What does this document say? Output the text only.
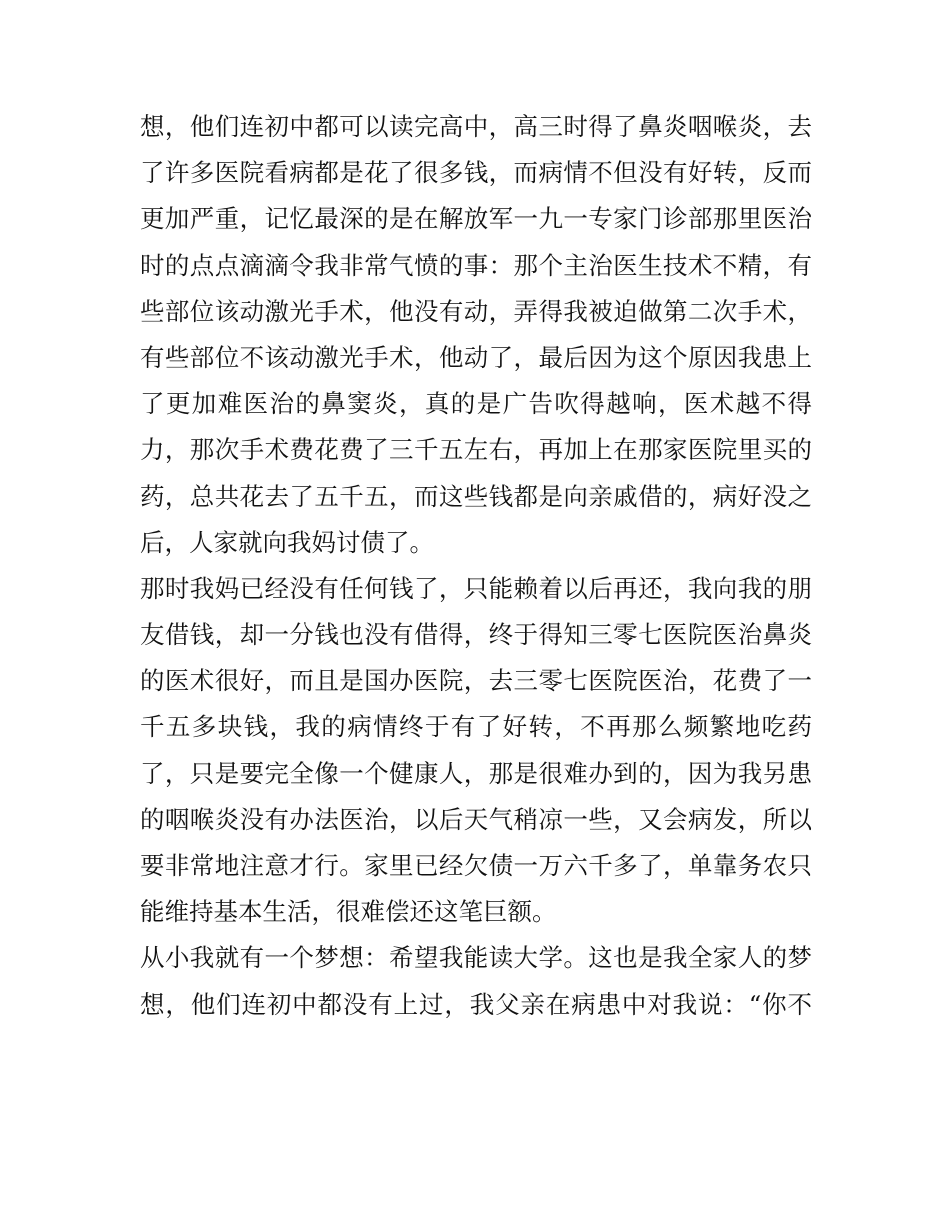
想，他们连初中都可以读完高中，高三时得了鼻炎咽喉炎，去
了许多医院看病都是花了很多钱，而病情不但没有好转，反而
更加严重，记忆最深的是在解放军一九一专家门诊部那里医治
时的点点滴滴令我非常气愤的事：那个主治医生技术不精，有
些部位该动激光手术，他没有动，弄得我被迫做第二次手术，
有些部位不该动激光手术，他动了，最后因为这个原因我患上
了更加难医治的鼻窦炎，真的是广告吹得越响，医术越不得
力，那次手术费花费了三千五左右，再加上在那家医院里买的
药，总共花去了五千五，而这些钱都是向亲戚借的，病好没之
后，人家就向我妈讨债了。
那时我妈已经没有任何钱了，只能赖着以后再还，我向我的朋
友借钱，却一分钱也没有借得，终于得知三零七医院医治鼻炎
的医术很好，而且是国办医院，去三零七医院医治，花费了一
千五多块钱，我的病情终于有了好转，不再那么频繁地吃药
了，只是要完全像一个健康人，那是很难办到的，因为我另患
的咽喉炎没有办法医治，以后天气稍凉一些，又会病发，所以
要非常地注意才行。家里已经欠债一万六千多了，单靠务农只
能维持基本生活，很难偿还这笔巨额。
从小我就有一个梦想：希望我能读大学。这也是我全家人的梦
想，他们连初中都没有上过，我父亲在病患中对我说：“你不
